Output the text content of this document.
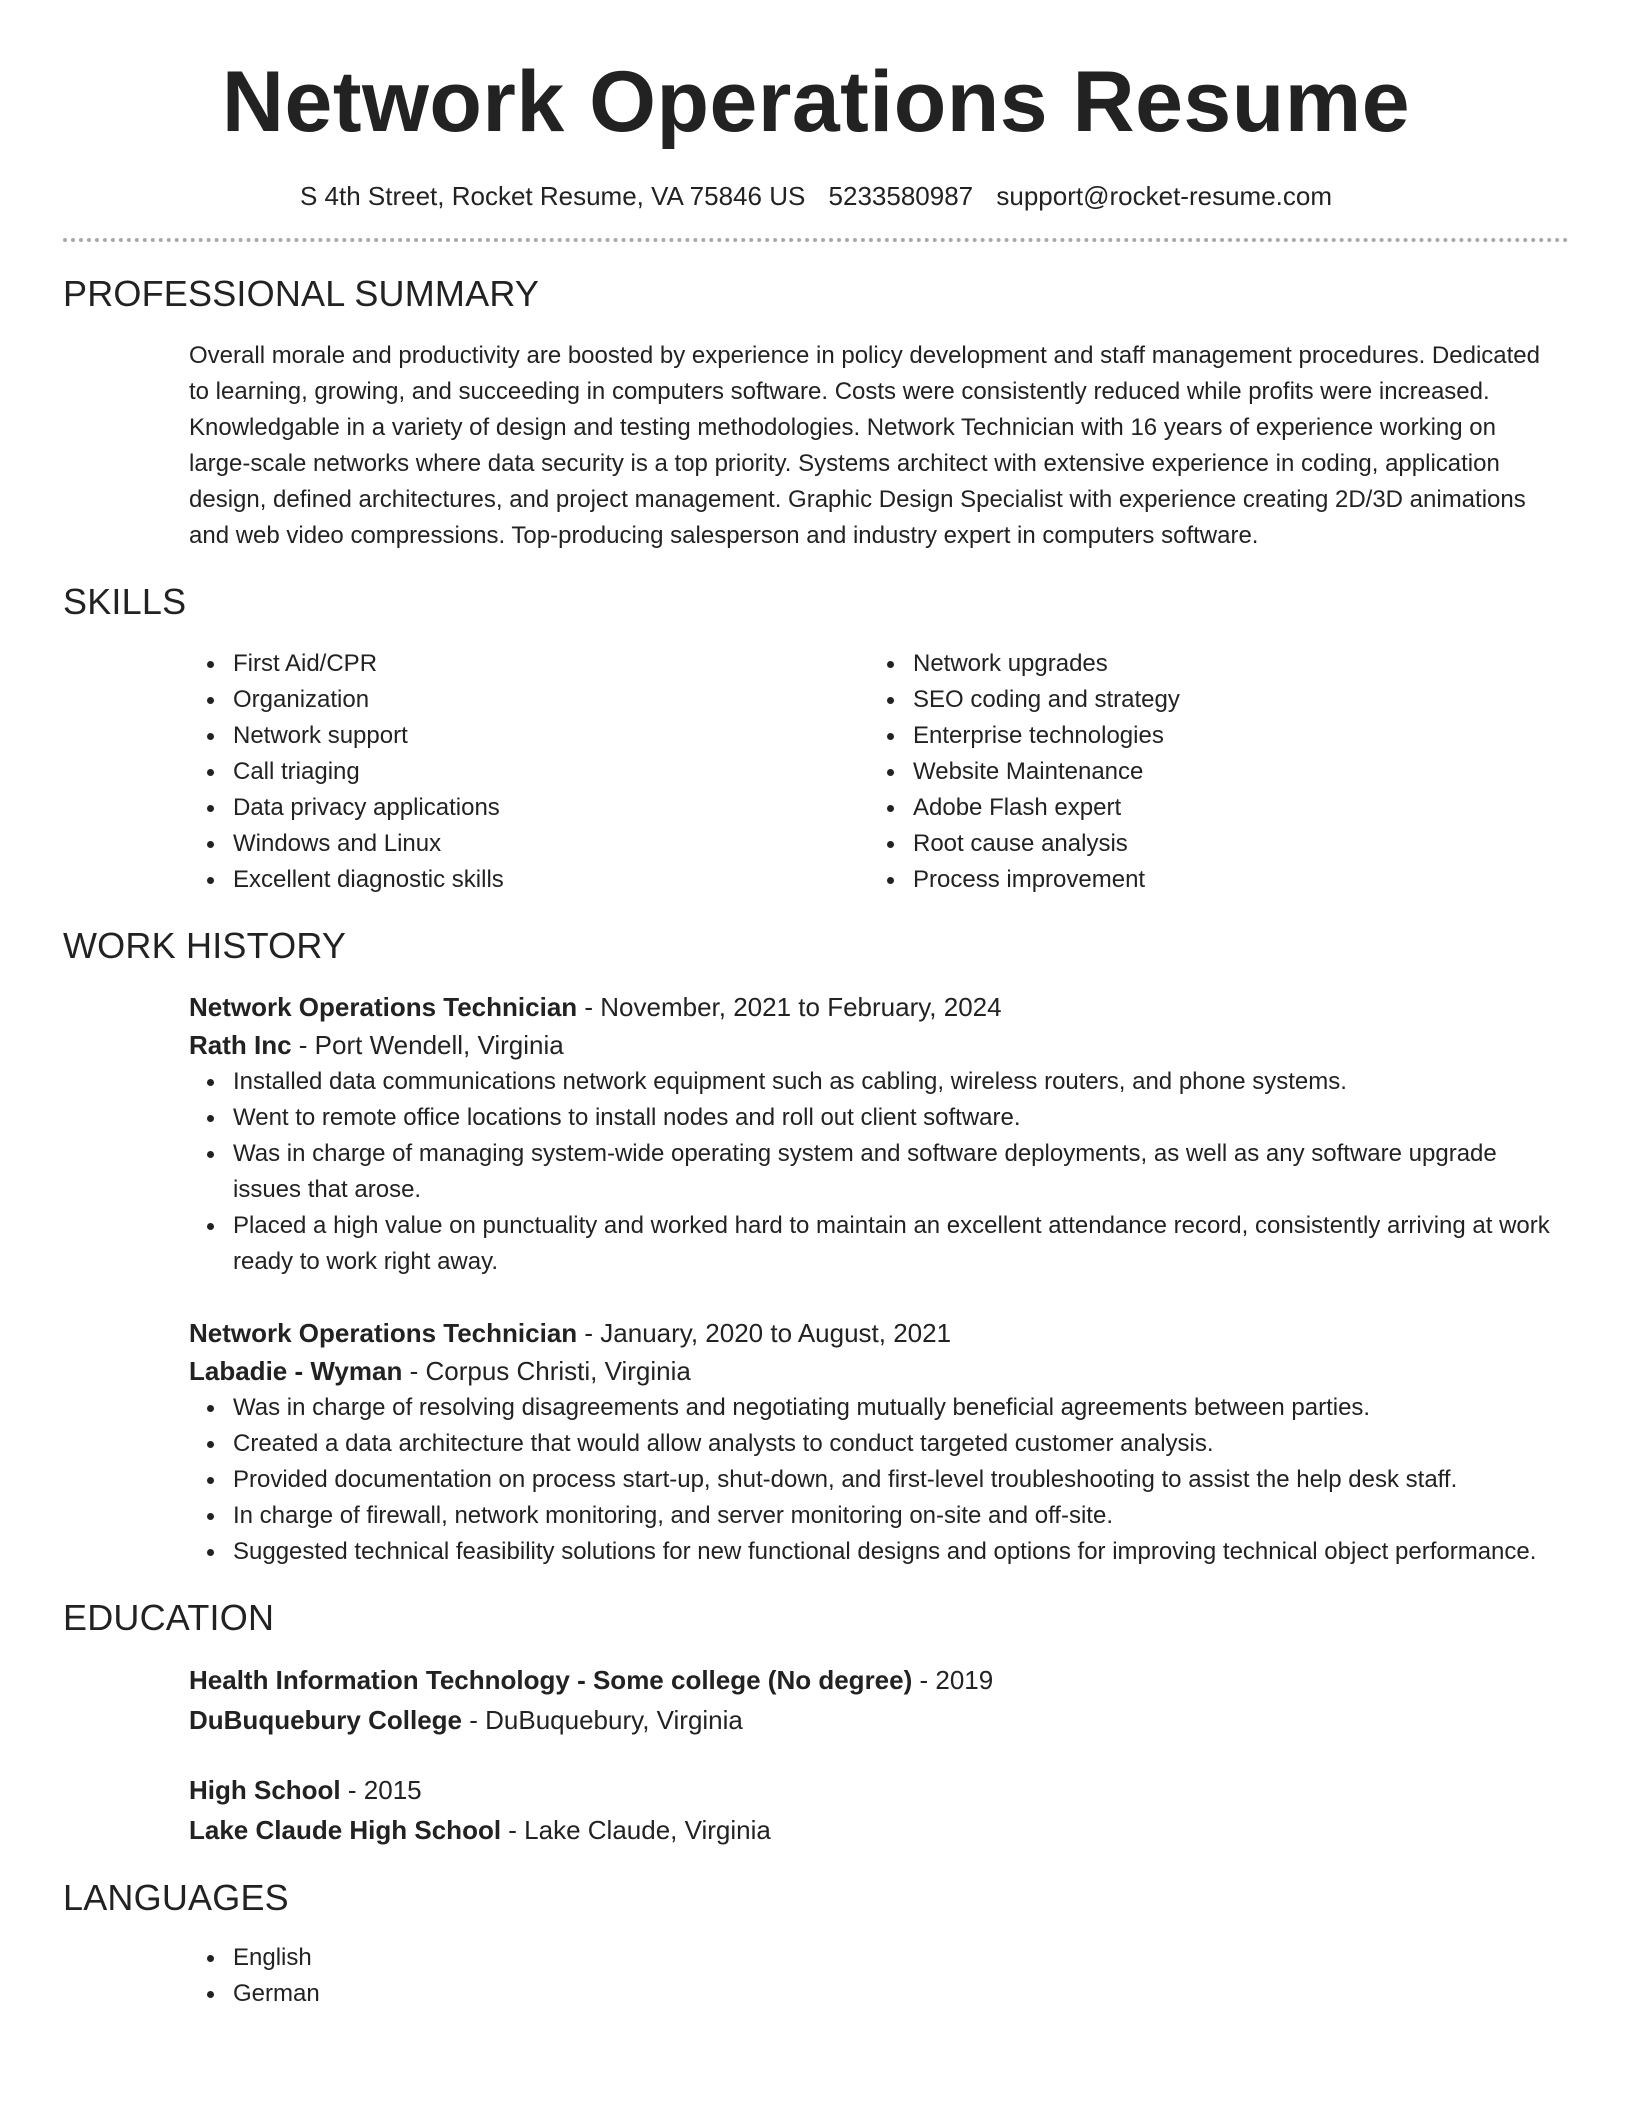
Network Operations Resume
S 4th Street, Rocket Resume, VA 75846 US 5233580987 support@rocket-resume.com
PROFESSIONAL SUMMARY

Overall morale and productivity are boosted by experience in policy development and staff management procedures. Dedicated to learning, growing, and succeeding in computers software. Costs were consistently reduced while profits were increased. Knowledgable in a variety of design and testing methodologies. Network Technician with 16 years of experience working on large-scale networks where data security is a top priority. Systems architect with extensive experience in coding, application design, defined architectures, and project management. Graphic Design Specialist with experience creating 2D/3D animations and web video compressions. Top-producing salesperson and industry expert in computers software.

SKILLS
First Aid/CPR
Organization
Network support
Call triaging
Data privacy applications
Windows and Linux
Excellent diagnostic skills
Network upgrades
SEO coding and strategy
Enterprise technologies
Website Maintenance
Adobe Flash expert
Root cause analysis
Process improvement
WORK HISTORY
Network Operations Technician - November, 2021 to February, 2024
Rath Inc - Port Wendell, Virginia
Installed data communications network equipment such as cabling, wireless routers, and phone systems.
Went to remote office locations to install nodes and roll out client software.
Was in charge of managing system-wide operating system and software deployments, as well as any software upgrade issues that arose.
Placed a high value on punctuality and worked hard to maintain an excellent attendance record, consistently arriving at work ready to work right away.
Network Operations Technician - January, 2020 to August, 2021
Labadie - Wyman - Corpus Christi, Virginia
Was in charge of resolving disagreements and negotiating mutually beneficial agreements between parties.
Created a data architecture that would allow analysts to conduct targeted customer analysis.
Provided documentation on process start-up, shut-down, and first-level troubleshooting to assist the help desk staff.
In charge of firewall, network monitoring, and server monitoring on-site and off-site.
Suggested technical feasibility solutions for new functional designs and options for improving technical object performance.
EDUCATION
Health Information Technology - Some college (No degree) - 2019
DuBuquebury College - DuBuquebury, Virginia
High School - 2015
Lake Claude High School - Lake Claude, Virginia
LANGUAGES
English
German
